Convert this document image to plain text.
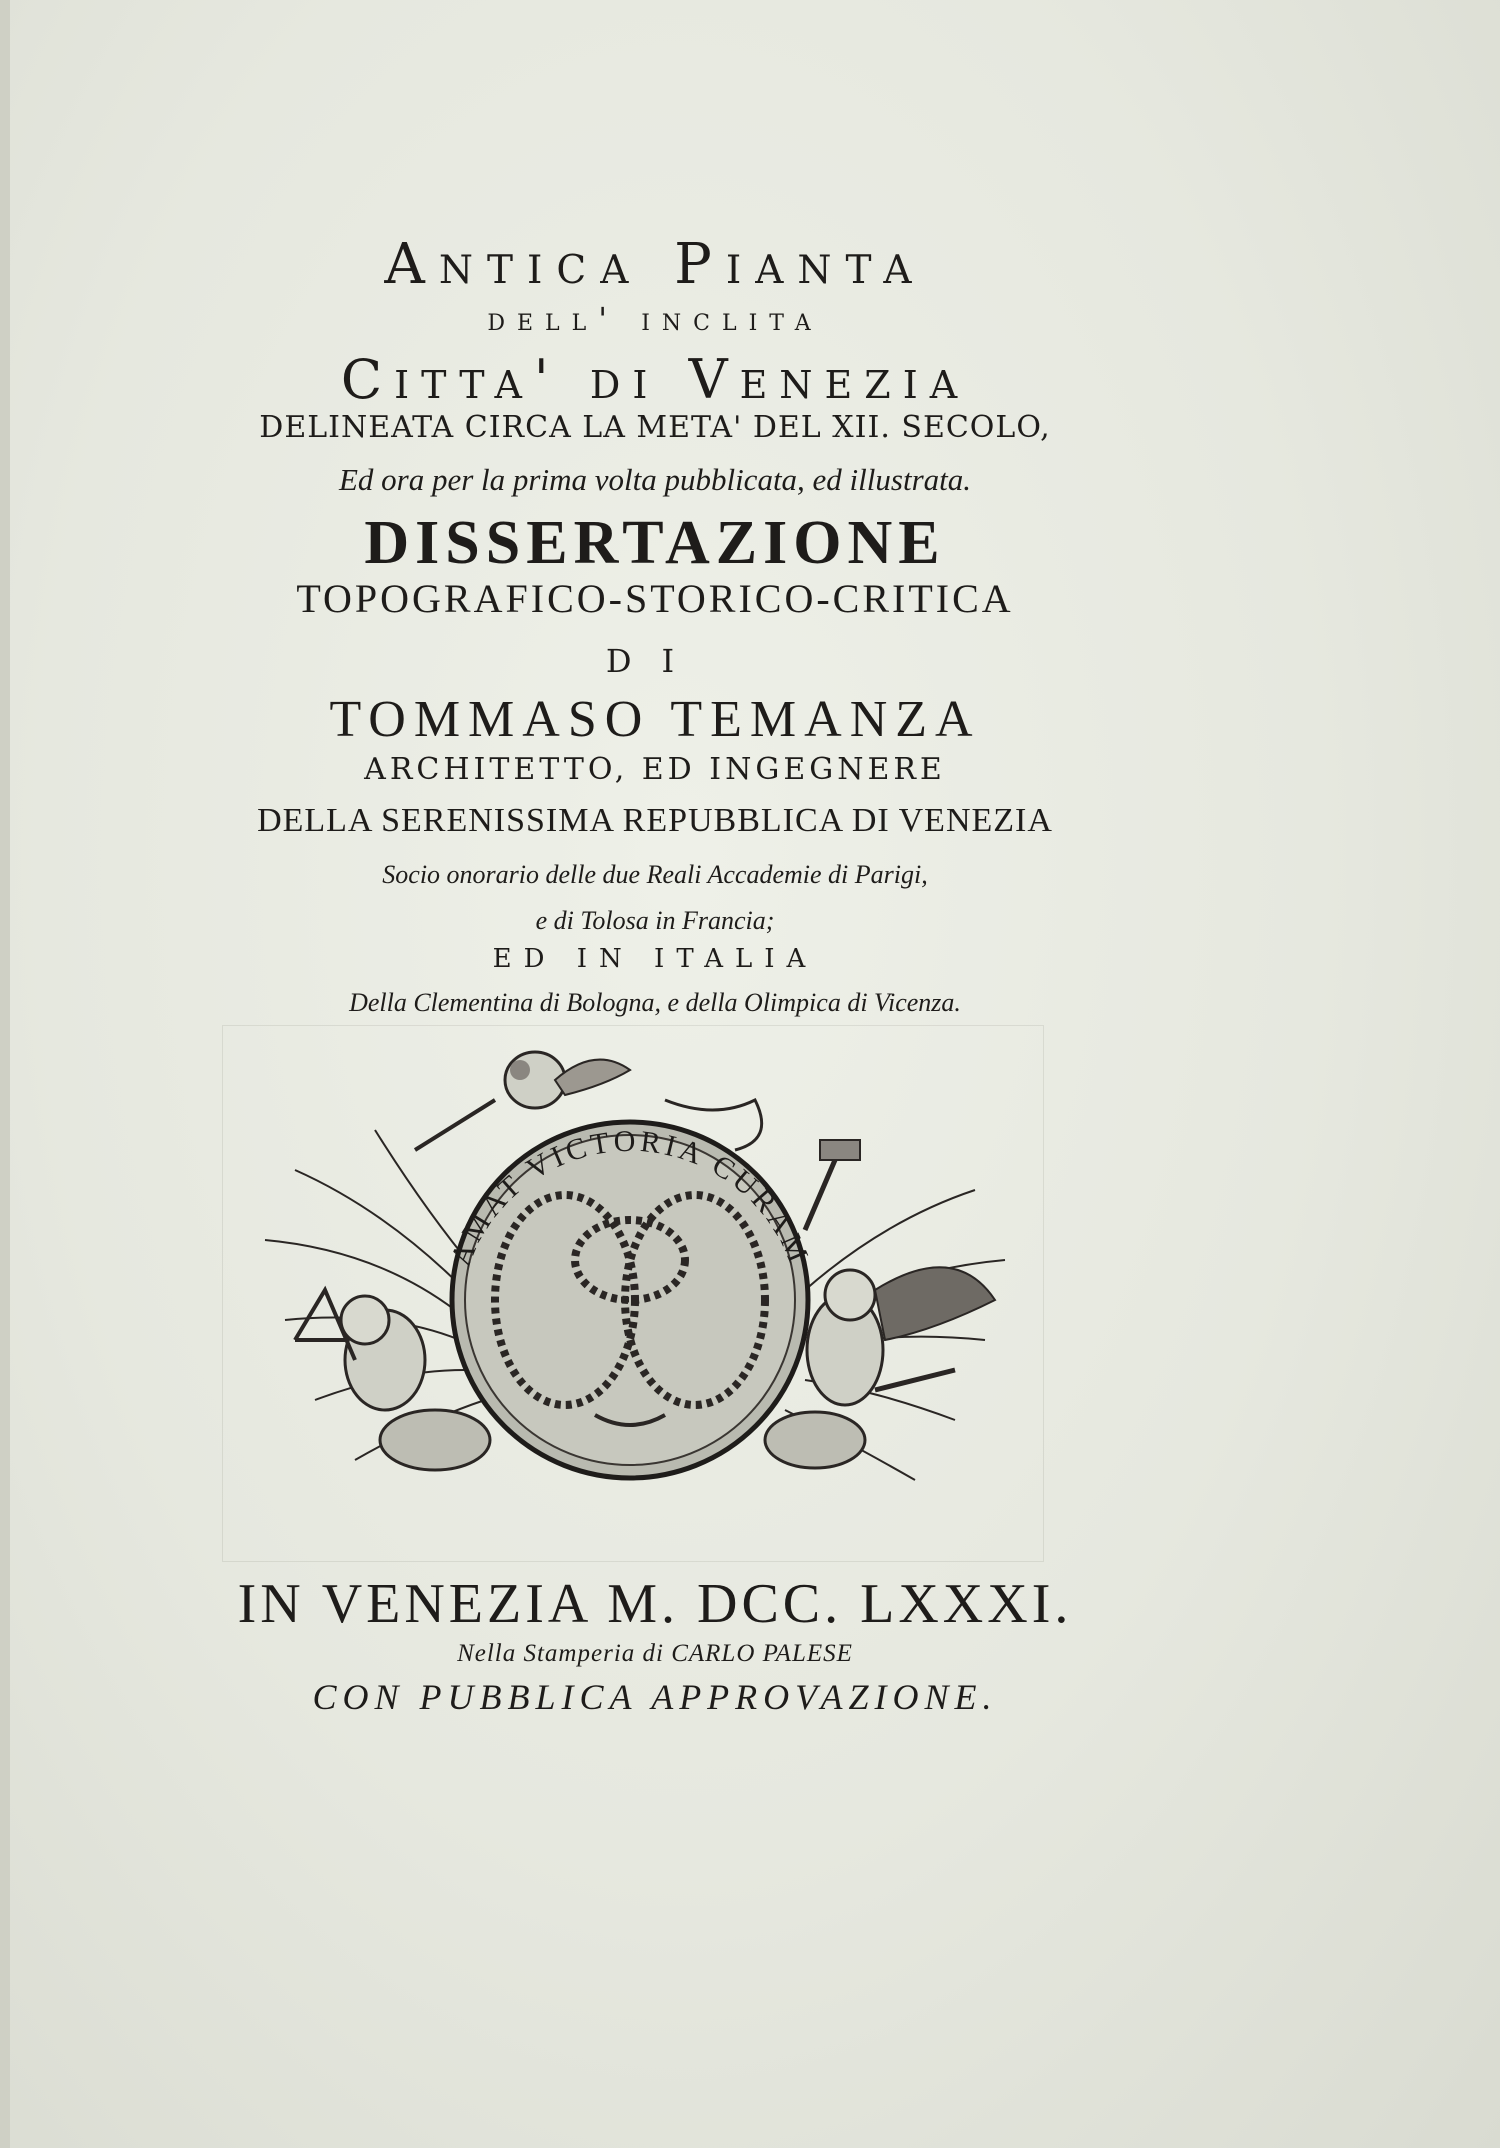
Antica Pianta
dell' inclita
Citta' di Venezia
DELINEATA CIRCA LA META' DEL XII. SECOLO,
Ed ora per la prima volta pubblicata, ed illustrata.
DISSERTAZIONE
TOPOGRAFICO-STORICO-CRITICA
DI
TOMMASO TEMANZA
ARCHITETTO, ED INGEGNERE
DELLA SERENISSIMA REPUBBLICA DI VENEZIA
Socio onorario delle due Reali Accademie di Parigi,
e di Tolosa in Francia;
ED IN ITALIA
Della Clementina di Bologna, e della Olimpica di Vicenza.
AMAT VICTORIA CURAM
IN VENEZIA M. DCC. LXXXI.
Nella Stamperia di CARLO PALESE
CON PUBBLICA APPROVAZIONE.
